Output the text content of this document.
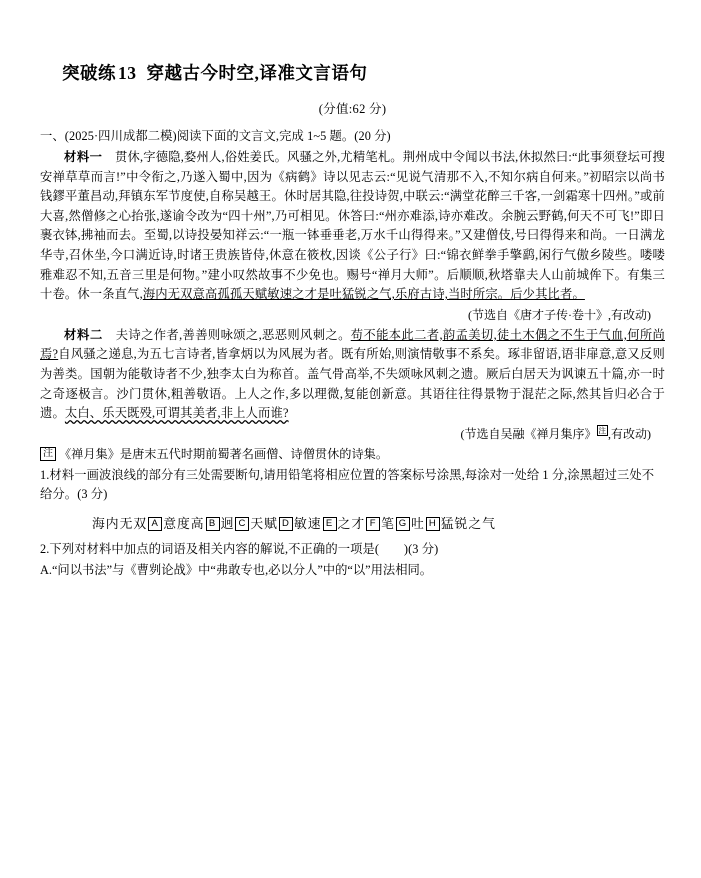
突破练 13 穿越古今时空,译准文言语句
(分值:62 分)
一、(2025·四川成都二模)阅读下面的文言文,完成 1~5 题。(20 分)

材料一　 贯休,字德隐,婺州人,俗姓姜氏。风骚之外,尤精笔札。荆州成中令闻以书法,休拟然曰:“此事须登坛可搜安禅草草而言!”中令衔之,乃遂入蜀中,因为《病鹤》诗以见志云:“见说气清那不入,不知尔病自何来。”初昭宗以尚书钱鏐平董昌动,拜镇东军节度使,自称吴越王。休时居其隐,往投诗贺,中联云:“满堂花醉三千客,一剑霜寒十四州。”或前大喜,然僧修之心抬张,遂谕令改为“四十州”,乃可相见。休答曰:“州亦难添,诗亦难改。余腕云野鹤,何天不可飞!”即日裹衣钵,拂袖而去。至蜀,以诗投晏知祥云:“一瓶一钵垂垂老,万水千山得得来。”又建僧伎,号曰得得来和尚。一日满龙华寺,召休坐,今口满近诗,时诸王贵族皆侍,休意在筱枚,因谈《公子行》曰:“锦衣鲜拳手擎鹞,闲行气傲乡陵些。喽喽雅难忍不知,五音三里是何物。”建小叹然故事不少免也。赐号“禅月大师”。后顺顺,秋塔靠夫人山前城侔下。有集三十卷。休一条直气,海内无双意高孤孤天赋敏速之才是吐猛锐之气,乐府古诗,当时所宗。后少其比者。

(节选自《唐才子传·卷十》,有改动)

材料二　 夫诗之作者,善善则咏颂之,恶恶则风刺之。苟不能本此二者,韵孟美切,徒土木偶之不生于气血,何所尚焉?自风骚之递息,为五七言诗者,皆拿炳以为风展为者。既有所始,则演情敬事不系矣。琢非留语,语非扉意,意又反则为善类。国朝为能敬诗者不少,独李太白为称首。盖气骨高举,不失颂咏风刺之遗。厥后白居天为讽谏五十篇,亦一时之奇逐极言。沙门贯休,粗善敬语。上人之作,多以理微,复能创新意。其语往往得景物于混茫之际,然其旨归必合于遗。太白、乐天既殁,可谓其美者,非上人而谁?

(节选自吴融《禅月集序》 注 ,有改动)
注 《禅月集》是唐末五代时期前蜀著名画僧、诗僧贯休的诗集。

1.材料一画波浪线的部分有三处需要断句,请用铅笔将相应位置的答案标号涂黑,每涂对一处给 1 分,涂黑超过三处不给分。(3 分)

海内无双 A 意度高 B 迥 C 天赋 D 敏速 E 之才 F 笔 G 吐 H 猛锐之气

2.下列对材料中加点的词语及相关内容的解说,不正确的一项是(　　)(3 分)

A.“问以书法”与《曹刿论战》中“弗敢专也,必以分人”中的“以”用法相同。
